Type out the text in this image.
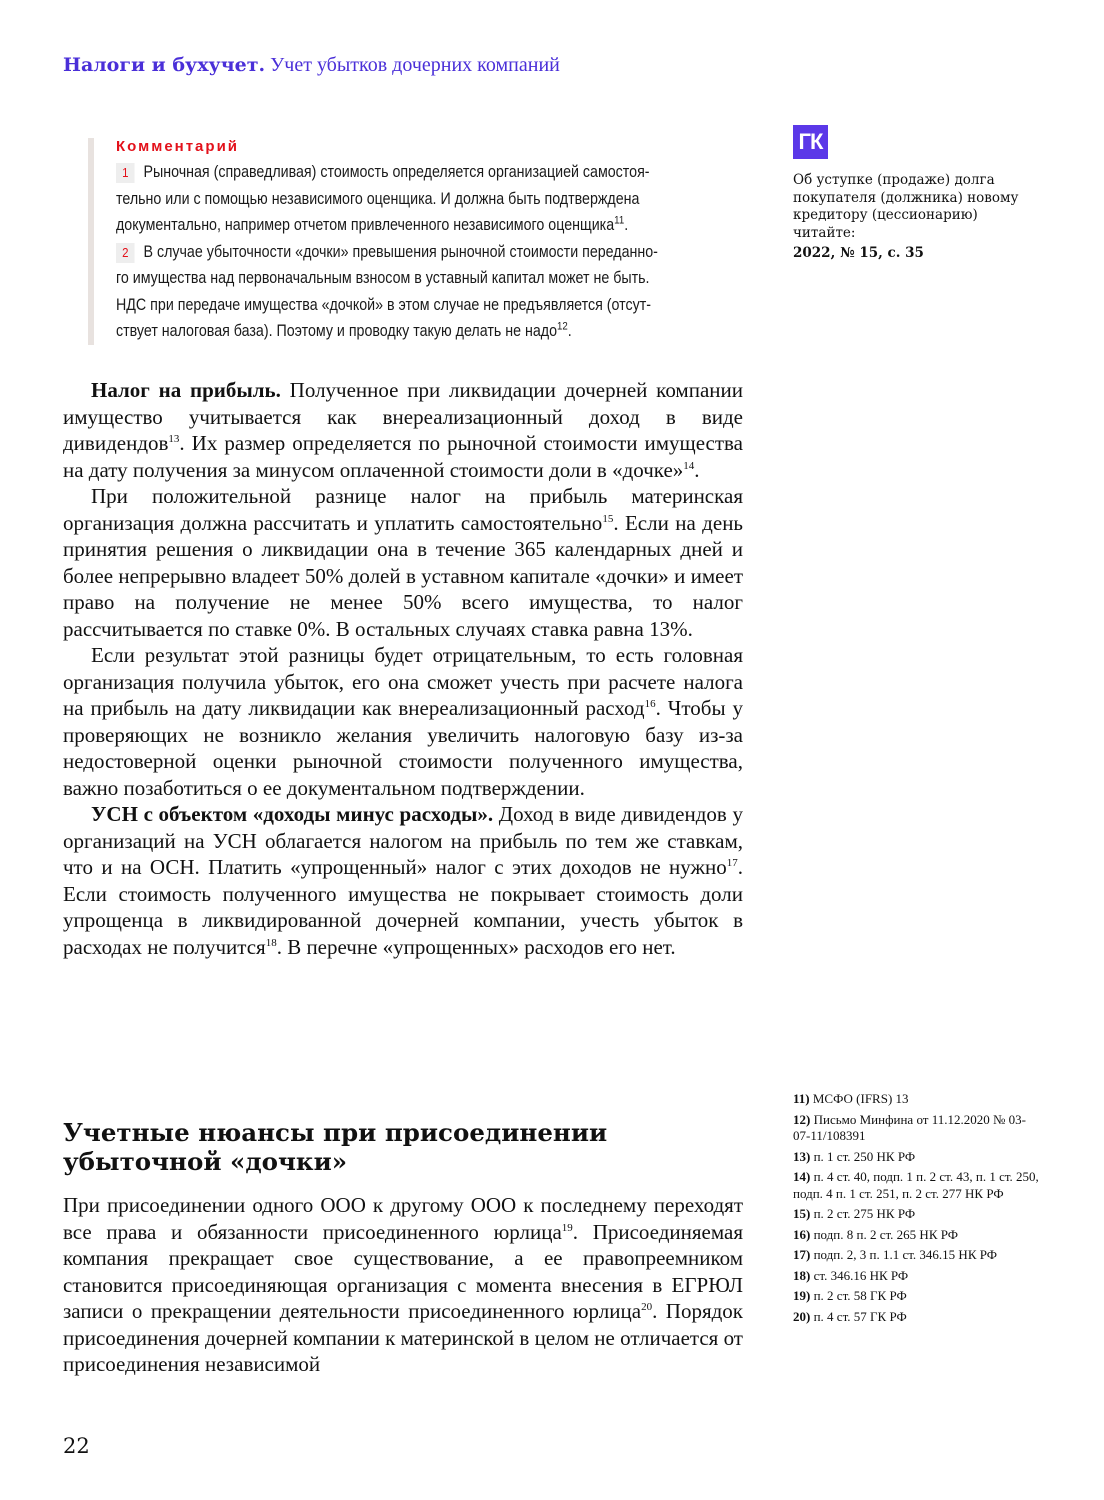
Налоги и бухучет. Учет убытков дочерних компаний
Комментарий

1 Рыночная (справедливая) стоимость определяется организацией самостоя-
тельно или с помощью независимого оценщика. И должна быть подтверждена
документально, например отчетом привлеченного независимого оценщика$^{11}$.

2 В случае убыточности «дочки» превышения рыночной стоимости переданно-
го имущества над первоначальным взносом в уставный капитал может не быть.
НДС при передаче имущества «дочкой» в этом случае не предъявляется (отсут-
ствует налоговая база). Поэтому и проводку такую делать не надо$^{12}$.

ГК
Об уступке (продаже) долга покупателя (должника) новому кредитору (цессионарию) читайте:
2022, № 15, с. 35

Налог на прибыль. Полученное при ликвидации дочерней компании имущество учитывается как внереализационный доход в виде дивидендов$^{13}$. Их размер определяется по рыночной стоимости имущества на дату получения за минусом оплаченной стоимости доли в «дочке»$^{14}$.

При положительной разнице налог на прибыль материнская организация должна рассчитать и уплатить самостоятельно$^{15}$. Если на день принятия решения о ликвидации она в течение 365 календарных дней и более непрерывно владеет 50% долей в уставном капитале «дочки» и имеет право на получение не менее 50% всего имущества, то налог рассчитывается по ставке 0%. В остальных случаях ставка равна 13%.

Если результат этой разницы будет отрицательным, то есть головная организация получила убыток, его она сможет учесть при расчете налога на прибыль на дату ликвидации как внереализационный расход$^{16}$. Чтобы у проверяющих не возникло желания увеличить налоговую базу из-за недостоверной оценки рыночной стоимости полученного имущества, важно позаботиться о ее документальном подтверждении.

УСН с объектом «доходы минус расходы». Доход в виде дивидендов у организаций на УСН облагается налогом на прибыль по тем же ставкам, что и на ОСН. Платить «упрощенный» налог с этих доходов не нужно$^{17}$. Если стоимость полученного имущества не покрывает стоимость доли упрощенца в ликвидированной дочерней компании, учесть убыток в расходах не получится$^{18}$. В перечне «упрощенных» расходов его нет.

Учетные нюансы при присоединении убыточной «дочки»

При присоединении одного ООО к другому ООО к последнему переходят все права и обязанности присоединенного юрлица$^{19}$. Присоединяемая компания прекращает свое существование, а ее правопреемником становится присоединяющая организация с момента внесения в ЕГРЮЛ записи о прекращении деятельности присоединенного юрлица$^{20}$. Порядок присоединения дочерней компании к материнской в целом не отличается от присоединения независимой

11) МСФО (IFRS) 13
12) Письмо Минфина от 11.12.2020 № 03-07-11/108391
13) п. 1 ст. 250 НК РФ
14) п. 4 ст. 40, подп. 1 п. 2 ст. 43, п. 1 ст. 250, подп. 4 п. 1 ст. 251, п. 2 ст. 277 НК РФ
15) п. 2 ст. 275 НК РФ
16) подп. 8 п. 2 ст. 265 НК РФ
17) подп. 2, 3 п. 1.1 ст. 346.15 НК РФ
18) ст. 346.16 НК РФ
19) п. 2 ст. 58 ГК РФ
20) п. 4 ст. 57 ГК РФ
22
